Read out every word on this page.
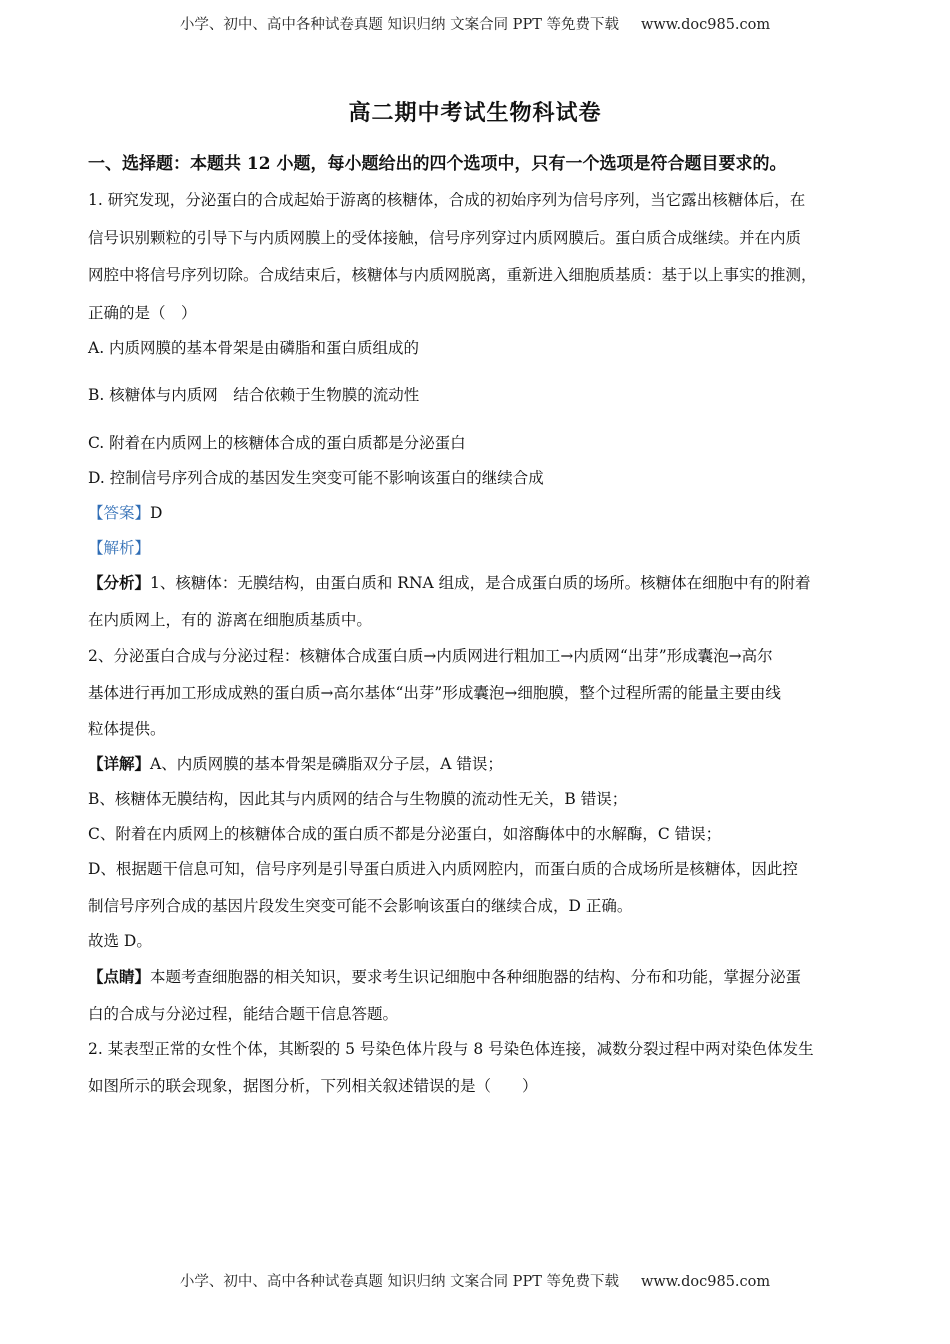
小学、初中、高中各种试卷真题 知识归纳 文案合同 PPT 等免费下载 www.doc985.com
高二期中考试生物科试卷
一、选择题：本题共 12 小题，每小题给出的四个选项中，只有一个选项是符合题目要求的。
1. 研究发现，分泌蛋白的合成起始于游离的核糖体，合成的初始序列为信号序列，当它露出核糖体后，在
信号识别颗粒的引导下与内质网膜上的受体接触，信号序列穿过内质网膜后。蛋白质合成继续。并在内质
网腔中将信号序列切除。合成结束后，核糖体与内质网脱离，重新进入细胞质基质：基于以上事实的推测，
正确的是（　）
A. 内质网膜的基本骨架是由磷脂和蛋白质组成的
B. 核糖体与内质网　结合依赖于生物膜的流动性
C. 附着在内质网上的核糖体合成的蛋白质都是分泌蛋白
D. 控制信号序列合成的基因发生突变可能不影响该蛋白的继续合成
【答案】D
【解析】
【分析】1、核糖体：无膜结构，由蛋白质和 RNA 组成，是合成蛋白质的场所。核糖体在细胞中有的附着
在内质网上，有的 游离在细胞质基质中。
2、分泌蛋白合成与分泌过程：核糖体合成蛋白质→内质网进行粗加工→内质网“出芽”形成囊泡→高尔
基体进行再加工形成成熟的蛋白质→高尔基体“出芽”形成囊泡→细胞膜，整个过程所需的能量主要由线
粒体提供。
【详解】A、内质网膜的基本骨架是磷脂双分子层，A 错误；
B、核糖体无膜结构，因此其与内质网的结合与生物膜的流动性无关，B 错误；
C、附着在内质网上的核糖体合成的蛋白质不都是分泌蛋白，如溶酶体中的水解酶，C 错误；
D、根据题干信息可知，信号序列是引导蛋白质进入内质网腔内，而蛋白质的合成场所是核糖体，因此控
制信号序列合成的基因片段发生突变可能不会影响该蛋白的继续合成，D 正确。
故选 D。
【点睛】本题考查细胞器的相关知识，要求考生识记细胞中各种细胞器的结构、分布和功能，掌握分泌蛋
白的合成与分泌过程，能结合题干信息答题。
2. 某表型正常的女性个体，其断裂的 5 号染色体片段与 8 号染色体连接，减数分裂过程中两对染色体发生
如图所示的联会现象，据图分析，下列相关叙述错误的是（　　）
小学、初中、高中各种试卷真题 知识归纳 文案合同 PPT 等免费下载 www.doc985.com
